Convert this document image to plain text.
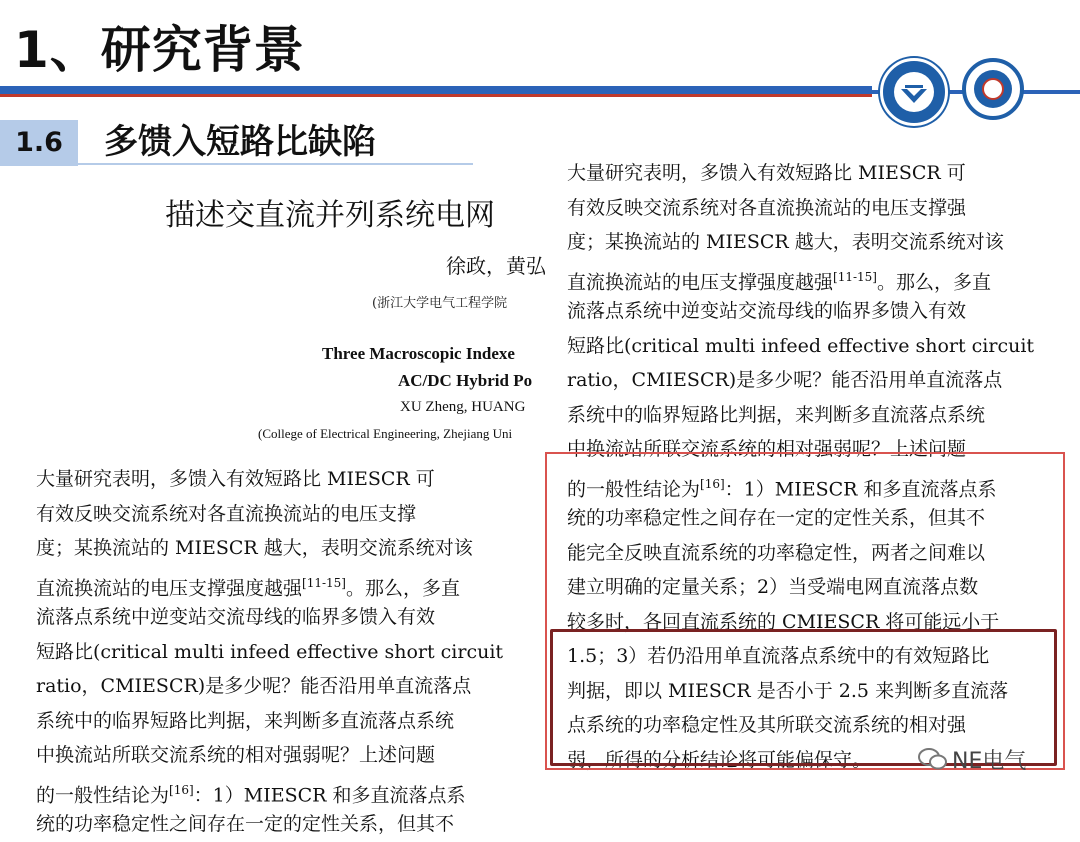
1、研究背景
1.6	多馈入短路比缺陷
描述交直流并列系统电网
徐政，黄弘
(浙江大学电气工程学院
Three Macroscopic Indexe
AC/DC Hybrid Po
XU Zheng, HUANG
(College of Electrical Engineering, Zhejiang Uni
大量研究表明，多馈入有效短路比 MIESCR 可
有效反映交流系统对各直流换流站的电压支撑
度；某换流站的 MIESCR 越大，表明交流系统对该
直流换流站的电压支撑强度越强[11-15]。那么，多直
流落点系统中逆变站交流母线的临界多馈入有效
短路比(critical multi infeed effective short circuit
ratio，CMIESCR)是多少呢？能否沿用单直流落点
系统中的临界短路比判据，来判断多直流落点系统
中换流站所联交流系统的相对强弱呢？上述问题
的一般性结论为[16]：1）MIESCR 和多直流落点系
统的功率稳定性之间存在一定的定性关系，但其不
大量研究表明，多馈入有效短路比 MIESCR 可
有效反映交流系统对各直流换流站的电压支撑强
度；某换流站的 MIESCR 越大，表明交流系统对该
直流换流站的电压支撑强度越强[11-15]。那么，多直
流落点系统中逆变站交流母线的临界多馈入有效
短路比(critical multi infeed effective short circuit
ratio，CMIESCR)是多少呢？能否沿用单直流落点
系统中的临界短路比判据，来判断多直流落点系统
中换流站所联交流系统的相对强弱呢？上述问题
的一般性结论为[16]：1）MIESCR 和多直流落点系
统的功率稳定性之间存在一定的定性关系，但其不
能完全反映直流系统的功率稳定性，两者之间难以
建立明确的定量关系；2）当受端电网直流落点数
较多时，各回直流系统的 CMIESCR 将可能远小于
1.5；3）若仍沿用单直流落点系统中的有效短路比
判据，即以 MIESCR 是否小于 2.5 来判断多直流落
点系统的功率稳定性及其所联交流系统的相对强
弱，所得的分析结论将可能偏保守。	NE电气
